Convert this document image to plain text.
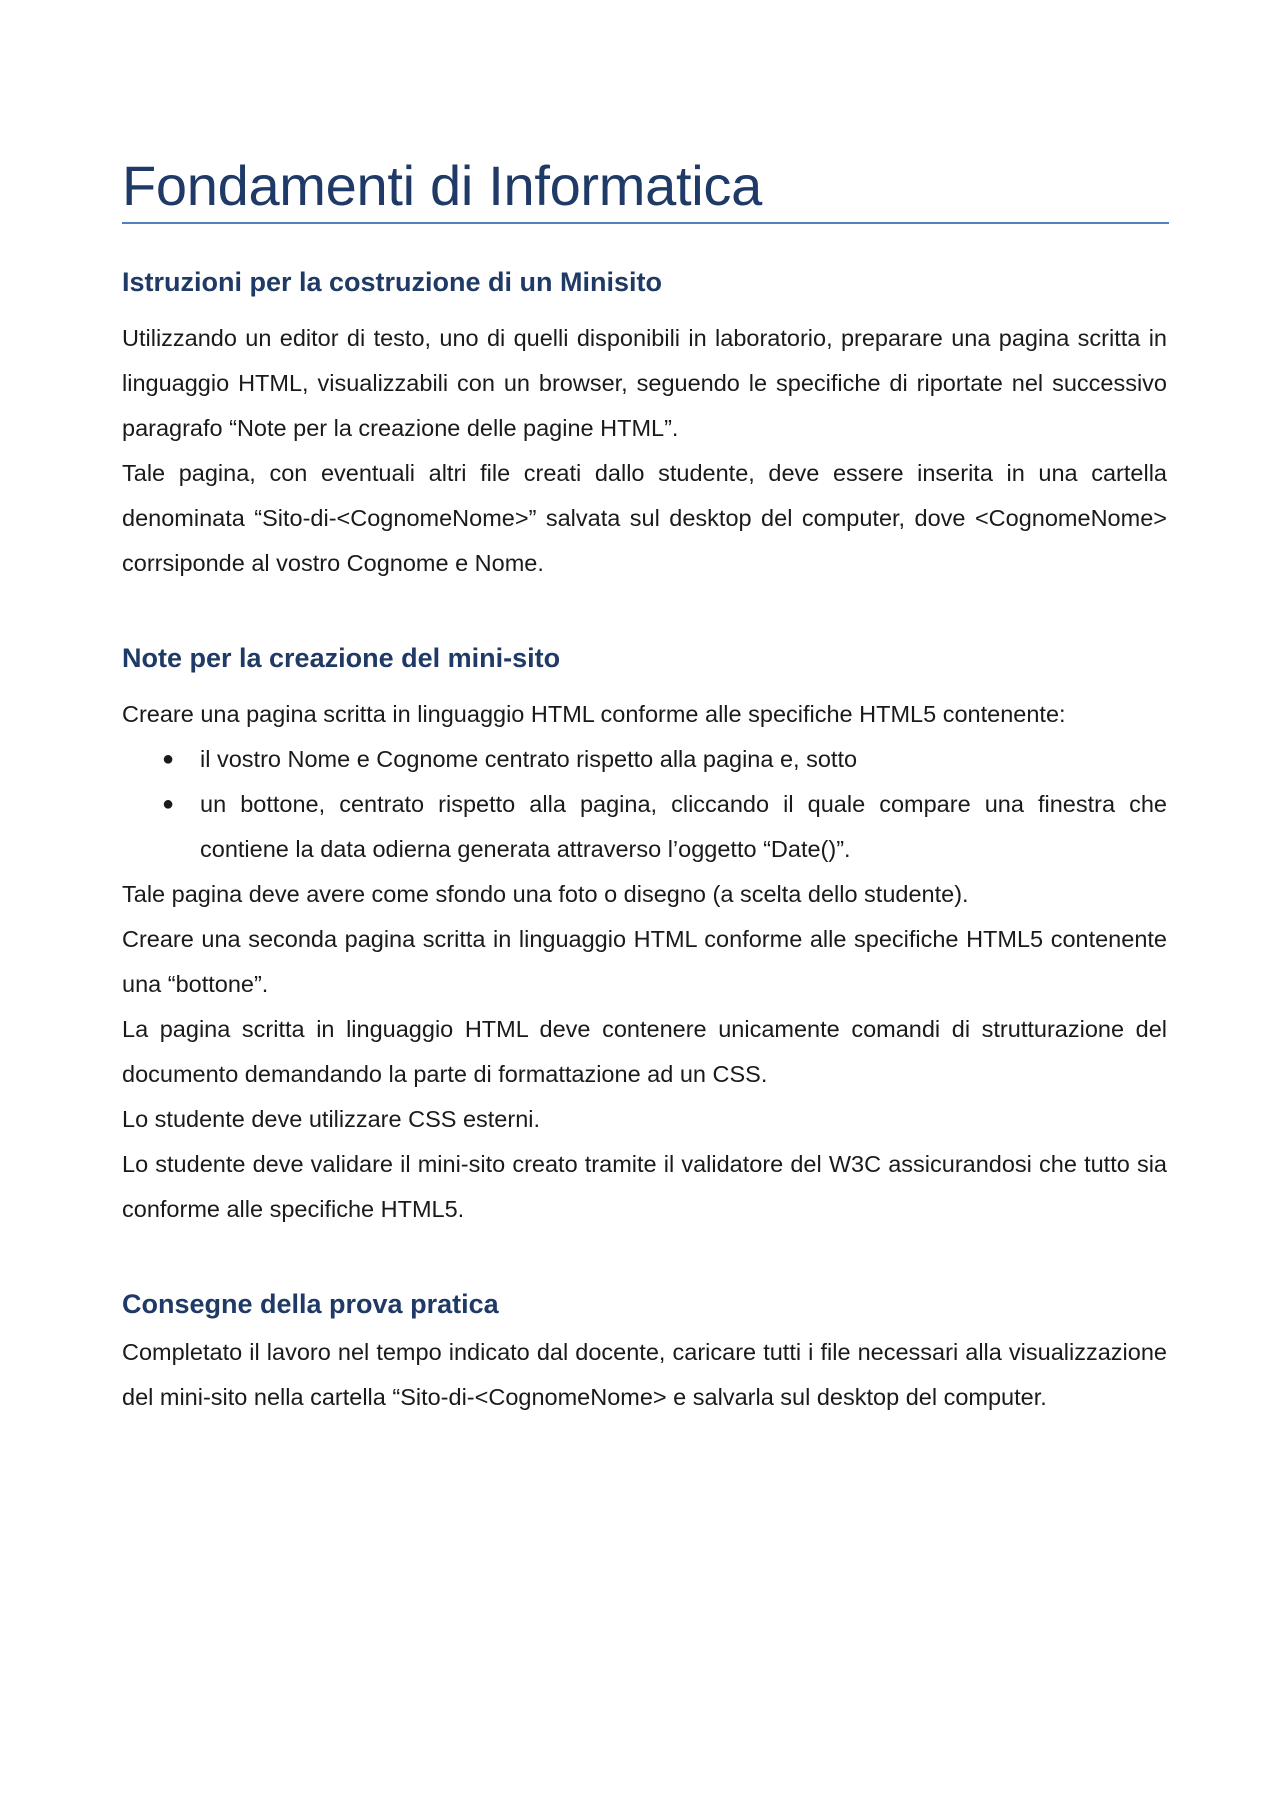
Fondamenti di Informatica
Istruzioni per la costruzione di un Minisito

Utilizzando un editor di testo, uno di quelli disponibili in laboratorio, preparare una pagina scritta in linguaggio HTML, visualizzabili con un browser, seguendo le specifiche di riportate nel successivo paragrafo “Note per la creazione delle pagine HTML”.

Tale pagina, con eventuali altri file creati dallo studente, deve essere inserita in una cartella denominata “Sito-di-<CognomeNome>” salvata sul desktop del computer, dove <CognomeNome> corrsiponde al vostro Cognome e Nome.

Note per la creazione del mini-sito

Creare una pagina scritta in linguaggio HTML conforme alle specifiche HTML5 contenente:

● il vostro Nome e Cognome centrato rispetto alla pagina e, sotto
● un bottone, centrato rispetto alla pagina, cliccando il quale compare una finestra che contiene la data odierna generata attraverso l’oggetto “Date()”.

Tale pagina deve avere come sfondo una foto o disegno (a scelta dello studente).

Creare una seconda pagina scritta in linguaggio HTML conforme alle specifiche HTML5 contenente una “bottone”.

La pagina scritta in linguaggio HTML deve contenere unicamente comandi di strutturazione del documento demandando la parte di formattazione ad un CSS.

Lo studente deve utilizzare CSS esterni.

Lo studente deve validare il mini-sito creato tramite il validatore del W3C assicurandosi che tutto sia conforme alle specifiche HTML5.

Consegne della prova pratica

Completato il lavoro nel tempo indicato dal docente, caricare tutti i file necessari alla visualizzazione del mini-sito nella cartella “Sito-di-<CognomeNome> e salvarla sul desktop del computer.
